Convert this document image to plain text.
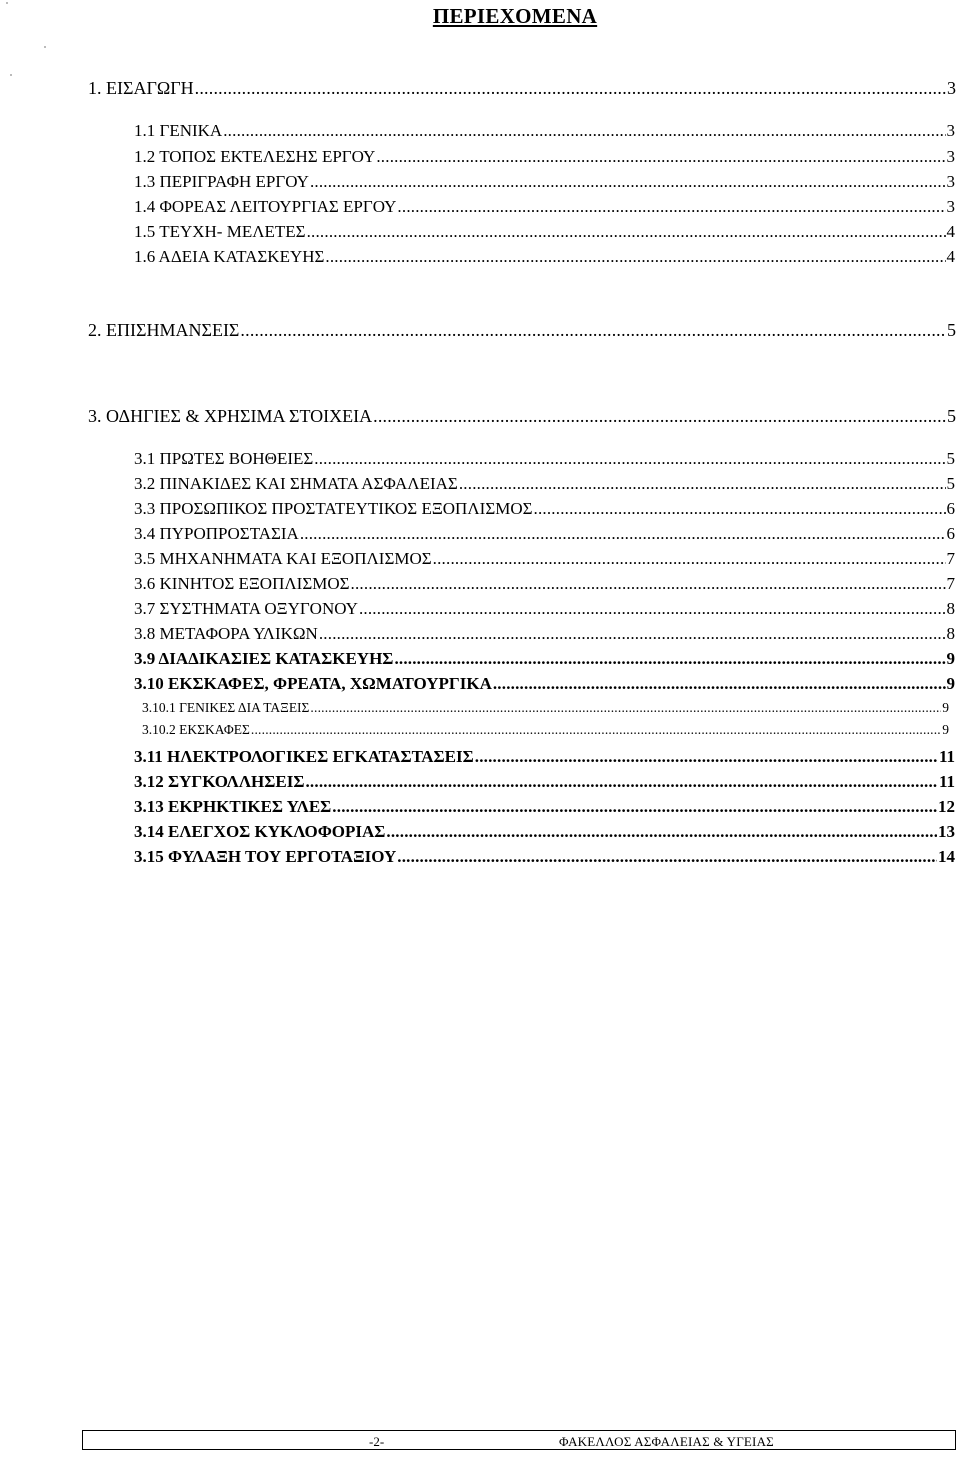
ΠΕΡΙΕΧΟΜΕΝΑ
1. ΕΙΣΑΓΩΓΗ .....	3
1.1 ΓΕΝΙΚΑ .....	3
1.2 ΤΟΠΟΣ ΕΚΤΕΛΕΣΗΣ ΕΡΓΟΥ .....	3
1.3 ΠΕΡΙΓΡΑΦΗ ΕΡΓΟΥ .....	3
1.4 ΦΟΡΕΑΣ ΛΕΙΤΟΥΡΓΙΑΣ ΕΡΓΟΥ .....	3
1.5 ΤΕΥΧΗ- ΜΕΛΕΤΕΣ .....	4
1.6 ΑΔΕΙΑ ΚΑΤΑΣΚΕΥΗΣ .....	4
2. ΕΠΙΣΗΜΑΝΣΕΙΣ .....	5
3. ΟΔΗΓΙΕΣ & ΧΡΗΣΙΜΑ ΣΤΟΙΧΕΙΑ .....	5
3.1 ΠΡΩΤΕΣ ΒΟΗΘΕΙΕΣ .....	5
3.2 ΠΙΝΑΚΙΔΕΣ ΚΑΙ ΣΗΜΑΤΑ ΑΣΦΑΛΕΙΑΣ .....	5
3.3 ΠΡΟΣΩΠΙΚΟΣ ΠΡΟΣΤΑΤΕΥΤΙΚΟΣ ΕΞΟΠΛΙΣΜΟΣ .....	6
3.4 ΠΥΡΟΠΡΟΣΤΑΣΙΑ .....	6
3.5 ΜΗΧΑΝΗΜΑΤΑ ΚΑΙ ΕΞΟΠΛΙΣΜΟΣ .....	7
3.6 ΚΙΝΗΤΟΣ ΕΞΟΠΛΙΣΜΟΣ .....	7
3.7 ΣΥΣΤΗΜΑΤΑ ΟΞΥΓΟΝΟΥ .....	8
3.8 ΜΕΤΑΦΟΡΑ ΥΛΙΚΩΝ .....	8
3.9 ΔΙΑΔΙΚΑΣΙΕΣ ΚΑΤΑΣΚΕΥΗΣ .....	9
3.10 ΕΚΣΚΑΦΕΣ, ΦΡΕΑΤΑ, ΧΩΜΑΤΟΥΡΓΙΚΑ .....	9
3.10.1 ΓΕΝΙΚΕΣ ΔΙΑ ΤΑΞΕΙΣ .....	9
3.10.2 ΕΚΣΚΑΦΕΣ .....	9
3.11 ΗΛΕΚΤΡΟΛΟΓΙΚΕΣ ΕΓΚΑΤΑΣΤΑΣΕΙΣ .....	11
3.12 ΣΥΓΚΟΛΛΗΣΕΙΣ .....	11
3.13 ΕΚΡΗΚΤΙΚΕΣ ΥΛΕΣ .....	12
3.14 ΕΛΕΓΧΟΣ ΚΥΚΛΟΦΟΡΙΑΣ .....	13
3.15 ΦΥΛΑΞΗ ΤΟΥ ΕΡΓΟΤΑΞΙΟΥ .....	14
-2-	ΦΑΚΕΛΛΟΣ ΑΣΦΑΛΕΙΑΣ & ΥΓΕΙΑΣ
